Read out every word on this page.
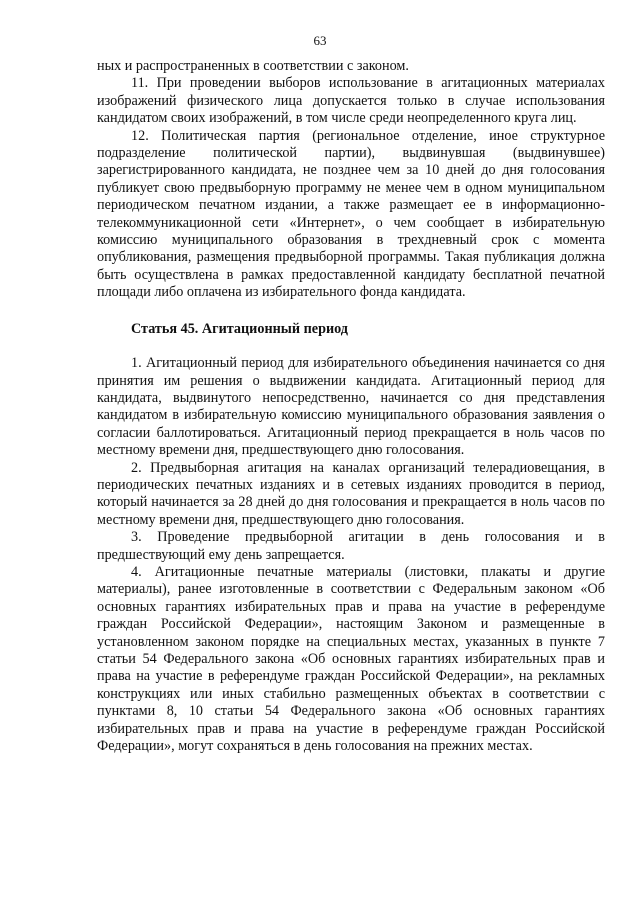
63

ных и распространенных в соответствии с законом.

11. При проведении выборов использование в агитационных материалах изображений физического лица допускается только в случае использования кандидатом своих изображений, в том числе среди неопределенного круга лиц.

12. Политическая партия (региональное отделение, иное структурное подразделение политической партии), выдвинувшая (выдвинувшее) зарегистрированного кандидата, не позднее чем за 10 дней до дня голосования публикует свою предвыборную программу не менее чем в одном муниципальном периодическом печатном издании, а также размещает ее в информационно-телекоммуникационной сети «Интернет», о чем сообщает в избирательную комиссию муниципального образования в трехдневный срок с момента опубликования, размещения предвыборной программы. Такая публикация должна быть осуществлена в рамках предоставленной кандидату бесплатной печатной площади либо оплачена из избирательного фонда кандидата.

Статья 45. Агитационный период

1. Агитационный период для избирательного объединения начинается со дня принятия им решения о выдвижении кандидата. Агитационный период для кандидата, выдвинутого непосредственно, начинается со дня представления кандидатом в избирательную комиссию муниципального образования заявления о согласии баллотироваться. Агитационный период прекращается в ноль часов по местному времени дня, предшествующего дню голосования.

2. Предвыборная агитация на каналах организаций телерадиовещания, в периодических печатных изданиях и в сетевых изданиях проводится в период, который начинается за 28 дней до дня голосования и прекращается в ноль часов по местному времени дня, предшествующего дню голосования.

3. Проведение предвыборной агитации в день голосования и в предшествующий ему день запрещается.

4. Агитационные печатные материалы (листовки, плакаты и другие материалы), ранее изготовленные в соответствии с Федеральным законом «Об основных гарантиях избирательных прав и права на участие в референдуме граждан Российской Федерации», настоящим Законом и размещенные в установленном законом порядке на специальных местах, указанных в пункте 7 статьи 54 Федерального закона «Об основных гарантиях избирательных прав и права на участие в референдуме граждан Российской Федерации», на рекламных конструкциях или иных стабильно размещенных объектах в соответствии с пунктами 8, 10 статьи 54 Федерального закона «Об основных гарантиях избирательных прав и права на участие в референдуме граждан Российской Федерации», могут сохраняться в день голосования на прежних местах.
